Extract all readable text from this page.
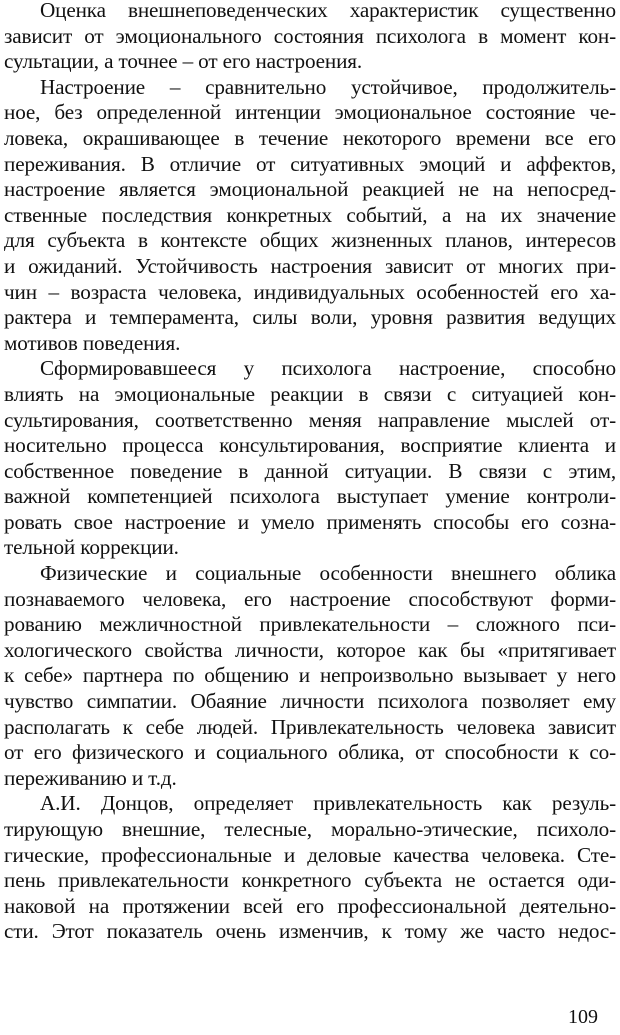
Оценка внешнеповеденческих характеристик существенно
зависит от эмоционального состояния психолога в момент кон-
сультации, а точнее – от его настроения.

Настроение – сравнительно устойчивое, продолжитель-
ное, без определенной интенции эмоциональное состояние че-
ловека, окрашивающее в течение некоторого времени все его
переживания. В отличие от ситуативных эмоций и аффектов,
настроение является эмоциональной реакцией не на непосред-
ственные последствия конкретных событий, а на их значение
для субъекта в контексте общих жизненных планов, интересов
и ожиданий. Устойчивость настроения зависит от многих при-
чин – возраста человека, индивидуальных особенностей его ха-
рактера и темперамента, силы воли, уровня развития ведущих
мотивов поведения.

Сформировавшееся у психолога настроение, способно
влиять на эмоциональные реакции в связи с ситуацией кон-
сультирования, соответственно меняя направление мыслей от-
носительно процесса консультирования, восприятие клиента и
собственное поведение в данной ситуации. В связи с этим,
важной компетенцией психолога выступает умение контроли-
ровать свое настроение и умело применять способы его созна-
тельной коррекции.

Физические и социальные особенности внешнего облика
познаваемого человека, его настроение способствуют форми-
рованию межличностной привлекательности – сложного пси-
хологического свойства личности, которое как бы «притягивает
к себе» партнера по общению и непроизвольно вызывает у него
чувство симпатии. Обаяние личности психолога позволяет ему
располагать к себе людей. Привлекательность человека зависит
от его физического и социального облика, от способности к со-
переживанию и т.д.

А.И. Донцов, определяет привлекательность как резуль-
тирующую внешние, телесные, морально-этические, психоло-
гические, профессиональные и деловые качества человека. Сте-
пень привлекательности конкретного субъекта не остается оди-
наковой на протяжении всей его профессиональной деятельно-
сти. Этот показатель очень изменчив, к тому же часто недос-

109
